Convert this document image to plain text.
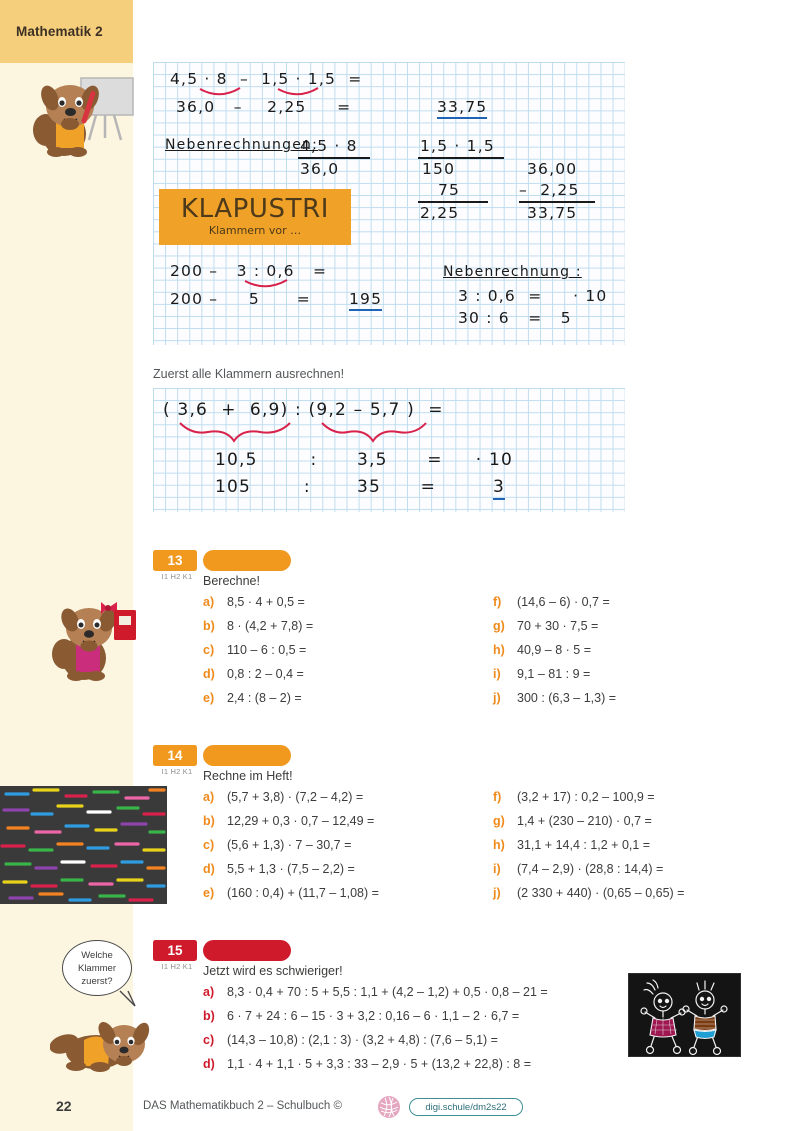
Mathematik 2
4,5 · 8  –  1,5 · 1,5  =
36,0   –    2,25     =	33,75
Nebenrechnungen:
4,5 · 8
36,0
1,5 · 1,5
150
75
2,25
36,00
–  2,25
33,75
KLAPUSTRI
Klammern vor …
200 –   3 : 0,6   =
200 –     5      = 195
Nebenrechnung :
3 : 0,6  =     · 10
30 : 6   =   5
Zuerst alle Klammern ausrechnen!
( 3,6  +  6,9) : (9,2 – 5,7 )  =
10,5        :      3,5      =     · 10
105        :       35      =	3
13
I1 H2 K1 Berechne!
a)	8,5 · 4 + 0,5 =
b) 8 · (4,2 + 7,8) =
c)	110 – 6 : 0,5 =
d) 0,8 : 2 – 0,4 =
e)	2,4 : (8 – 2) =
f)	(14,6 – 6) · 0,7 =
g) 70 + 30 · 7,5 =
h) 40,9 – 8 · 5 =
i)	9,1 – 81 : 9 =
j)	300 : (6,3 – 1,3) =
14
I1 H2 K1 Rechne im Heft!
a)	(5,7 + 3,8) · (7,2 – 4,2) =
b) 12,29 + 0,3 · 0,7 – 12,49 =
c)	(5,6 + 1,3) · 7 – 30,7 =
d) 5,5 + 1,3 · (7,5 – 2,2) =
e)	(160 : 0,4) + (11,7 – 1,08) =
f)	(3,2 + 17) : 0,2 – 100,9 =
g) 1,4 + (230 – 210) · 0,7 =
h) 31,1 + 14,4 : 1,2 + 0,1 =
i)	(7,4 – 2,9) · (28,8 : 14,4) =
j)	(2 330 + 440) · (0,65 – 0,65) =
15
I1 H2 K1 Jetzt wird es schwieriger!
a)	8,3 · 0,4 + 70 : 5 + 5,5 : 1,1 + (4,2 – 1,2) + 0,5 · 0,8 – 21 =
b) 6 · 7 + 24 : 6 – 15 · 3 + 3,2 : 0,16 – 6 · 1,1 – 2 · 6,7 =
c)	(14,3 – 10,8) : (2,1 : 3) · (3,2 + 4,8) : (7,6 – 5,1) =
d) 1,1 · 4 + 1,1 · 5 + 3,3 : 33 – 2,9 · 5 + (13,2 + 22,8) : 8 =
Welche
Klammer
zuerst?
22	DAS Mathematikbuch 2 – Schulbuch ©	digi.schule/dm2s22
